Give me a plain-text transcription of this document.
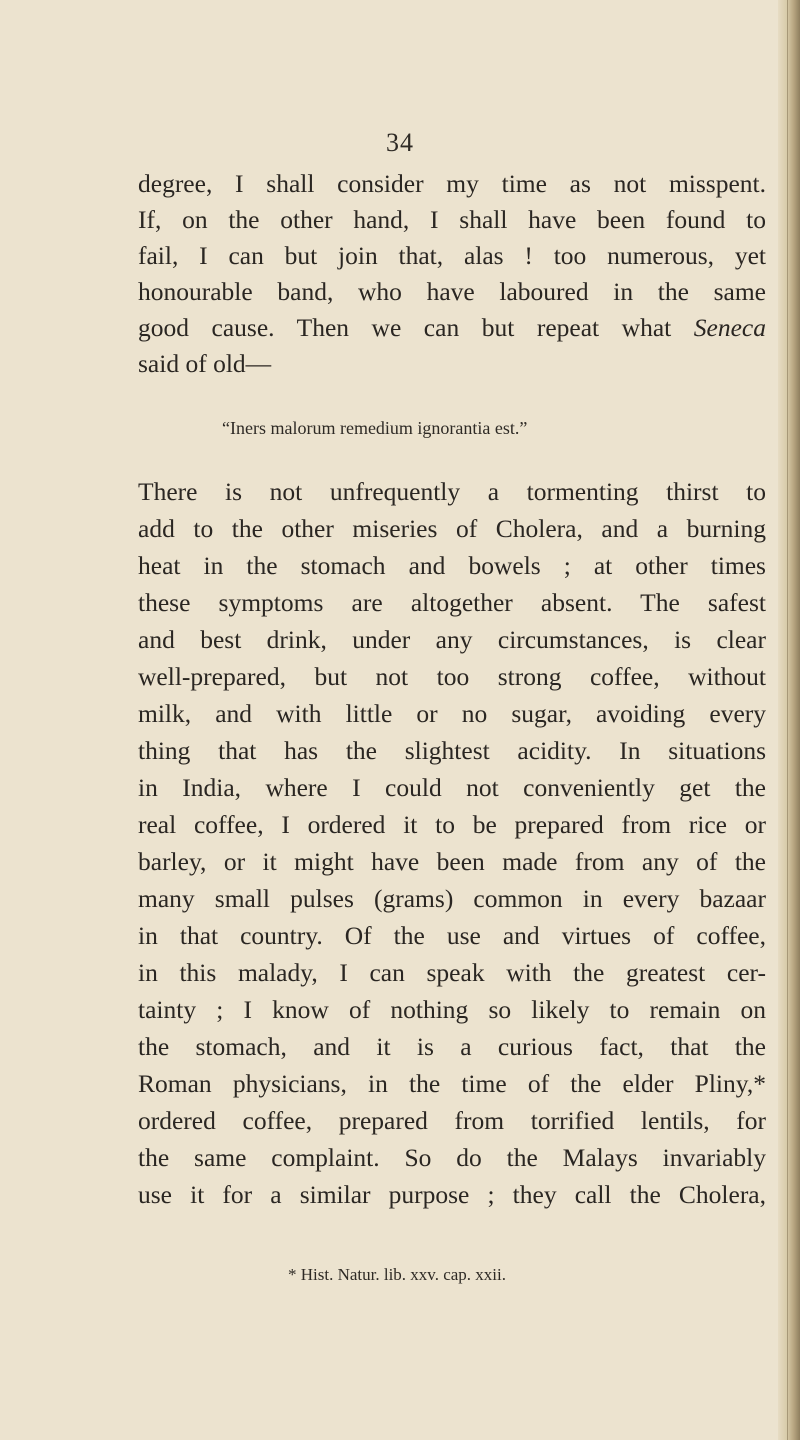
34
degree, I shall consider my time as not misspent.
If, on the other hand, I shall have been found to
fail, I can but join that, alas ! too numerous, yet
honourable band, who have laboured in the same
good cause. Then we can but repeat what Seneca
said of old—
“Iners malorum remedium ignorantia est.”
There is not unfrequently a tormenting thirst to
add to the other miseries of Cholera, and a burning
heat in the stomach and bowels ; at other times
these symptoms are altogether absent. The safest
and best drink, under any circumstances, is clear
well-prepared, but not too strong coffee, without
milk, and with little or no sugar, avoiding every
thing that has the slightest acidity. In situations
in India, where I could not conveniently get the
real coffee, I ordered it to be prepared from rice or
barley, or it might have been made from any of the
many small pulses (grams) common in every bazaar
in that country. Of the use and virtues of coffee,
in this malady, I can speak with the greatest cer-
tainty ; I know of nothing so likely to remain on
the stomach, and it is a curious fact, that the
Roman physicians, in the time of the elder Pliny,*
ordered coffee, prepared from torrified lentils, for
the same complaint. So do the Malays invariably
use it for a similar purpose ; they call the Cholera,
* Hist. Natur. lib. xxv. cap. xxii.
